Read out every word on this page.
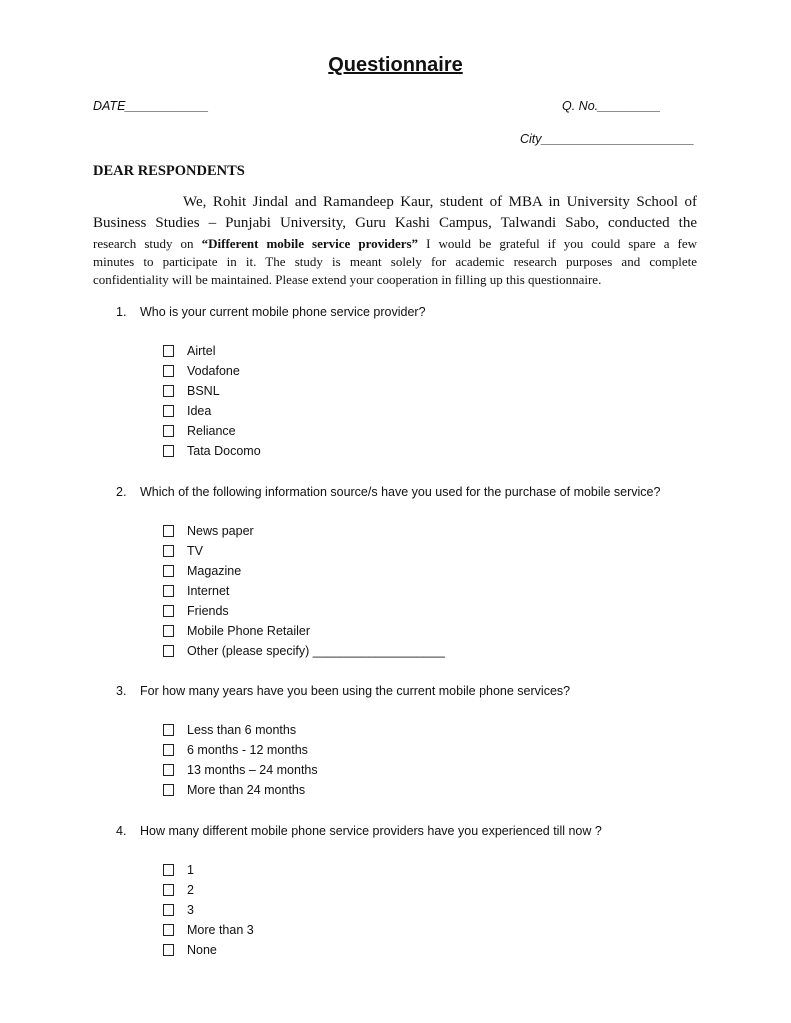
Questionnaire
DATE____________	Q. No._________
City______________________
DEAR RESPONDENTS
We, Rohit Jindal and Ramandeep Kaur, student of MBA in University School of
Business Studies – Punjabi University, Guru Kashi Campus, Talwandi Sabo, conducted the
research study on “Different mobile service providers” I would be grateful if you could spare a few
minutes to participate in it. The study is meant solely for academic research purposes and complete
confidentiality will be maintained. Please extend your cooperation in filling up this questionnaire.
1. Who is your current mobile phone service provider?
Airtel
Vodafone
BSNL
Idea
Reliance
Tata Docomo
2. Which of the following information source/s have you used for the purchase of mobile service?
News paper
TV
Magazine
Internet
Friends
Mobile Phone Retailer
Other (please specify) ___________________
3. For how many years have you been using the current mobile phone services?
Less than 6 months
6 months - 12 months
13 months – 24 months
More than 24 months
4. How many different mobile phone service providers have you experienced till now ?
1
2
3
More than 3
None
